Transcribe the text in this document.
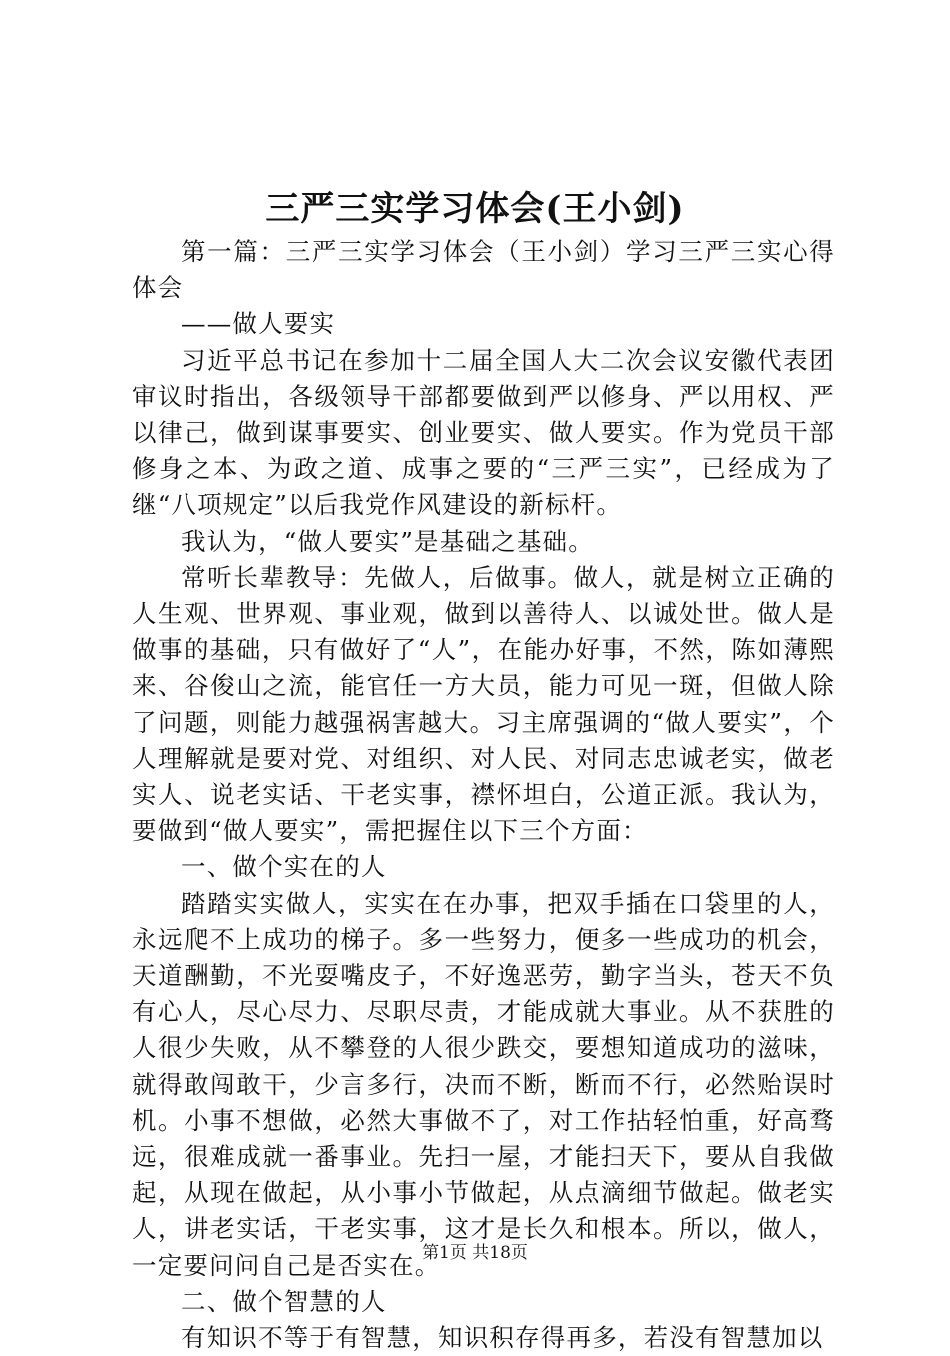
三严三实学习体会(王小剑)

第一篇：三严三实学习体会（王小剑）学习三严三实心得体会

——做人要实

习近平总书记在参加十二届全国人大二次会议安徽代表团审议时指出，各级领导干部都要做到严以修身、严以用权、严以律己，做到谋事要实、创业要实、做人要实。作为党员干部修身之本、为政之道、成事之要的“三严三实”，已经成为了继“八项规定”以后我党作风建设的新标杆。

我认为，“做人要实”是基础之基础。

常听长辈教导：先做人，后做事。做人，就是树立正确的人生观、世界观、事业观，做到以善待人、以诚处世。做人是做事的基础，只有做好了“人”，在能办好事，不然，陈如薄熙来、谷俊山之流，能官任一方大员，能力可见一斑，但做人除了问题，则能力越强祸害越大。习主席强调的“做人要实”，个人理解就是要对党、对组织、对人民、对同志忠诚老实，做老实人、说老实话、干老实事，襟怀坦白，公道正派。我认为，要做到“做人要实”，需把握住以下三个方面：

一、做个实在的人

踏踏实实做人，实实在在办事，把双手插在口袋里的人，永远爬不上成功的梯子。多一些努力，便多一些成功的机会，天道酬勤，不光耍嘴皮子，不好逸恶劳，勤字当头，苍天不负有心人，尽心尽力、尽职尽责，才能成就大事业。从不获胜的人很少失败，从不攀登的人很少跌交，要想知道成功的滋味，就得敢闯敢干，少言多行，决而不断，断而不行，必然贻误时机。小事不想做，必然大事做不了，对工作拈轻怕重，好高骛远，很难成就一番事业。先扫一屋，才能扫天下，要从自我做起，从现在做起，从小事小节做起，从点滴细节做起。做老实人，讲老实话，干老实事，这才是长久和根本。所以，做人，一定要问问自己是否实在。

二、做个智慧的人

有知识不等于有智慧，知识积存得再多，若没有智慧加以

第1页 共18页
